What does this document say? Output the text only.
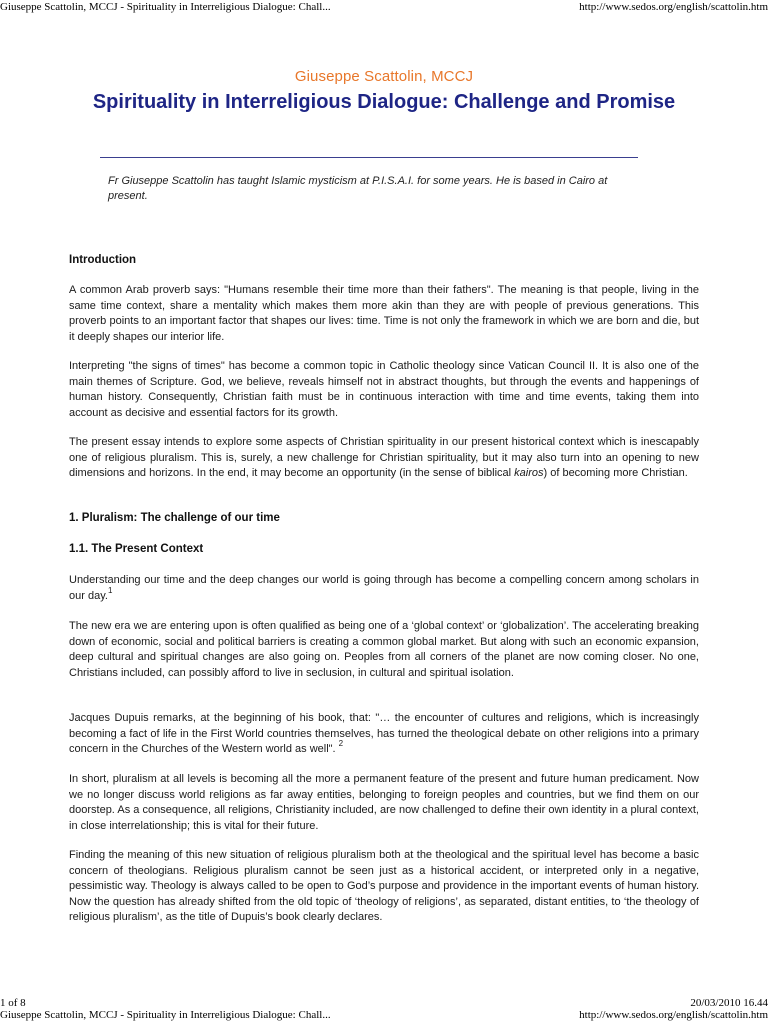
Giuseppe Scattolin, MCCJ - Spirituality in Interreligious Dialogue: Chall...	http://www.sedos.org/english/scattolin.htm
Giuseppe Scattolin, MCCJ
Spirituality in Interreligious Dialogue: Challenge and Promise

Fr Giuseppe Scattolin has taught Islamic mysticism at P.I.S.A.I. for some years. He is based in Cairo at present.

Introduction

A common Arab proverb says: "Humans resemble their time more than their fathers". The meaning is that people, living in the same time context, share a mentality which makes them more akin than they are with people of previous generations. This proverb points to an important factor that shapes our lives: time. Time is not only the framework in which we are born and die, but it deeply shapes our interior life.

Interpreting "the signs of times" has become a common topic in Catholic theology since Vatican Council II. It is also one of the main themes of Scripture. God, we believe, reveals himself not in abstract thoughts, but through the events and happenings of human history. Consequently, Christian faith must be in continuous interaction with time and time events, taking them into account as decisive and essential factors for its growth.

The present essay intends to explore some aspects of Christian spirituality in our present historical context which is inescapably one of religious pluralism. This is, surely, a new challenge for Christian spirituality, but it may also turn into an opening to new dimensions and horizons. In the end, it may become an opportunity (in the sense of biblical kairos) of becoming more Christian.

1. Pluralism: The challenge of our time
1.1. The Present Context

Understanding our time and the deep changes our world is going through has become a compelling concern among scholars in our day.$^1$

The new era we are entering upon is often qualified as being one of a ‘global context’ or ‘globalization’. The accelerating breaking down of economic, social and political barriers is creating a common global market. But along with such an economic expansion, deep cultural and spiritual changes are also going on. Peoples from all corners of the planet are now coming closer. No one, Christians included, can possibly afford to live in seclusion, in cultural and spiritual isolation.

Jacques Dupuis remarks, at the beginning of his book, that: "… the encounter of cultures and religions, which is increasingly becoming a fact of life in the First World countries themselves, has turned the theological debate on other religions into a primary concern in the Churches of the Western world as well". $^2$

In short, pluralism at all levels is becoming all the more a permanent feature of the present and future human predicament. Now we no longer discuss world religions as far away entities, belonging to foreign peoples and countries, but we find them on our doorstep. As a consequence, all religions, Christianity included, are now challenged to define their own identity in a plural context, in close interrelationship; this is vital for their future.

Finding the meaning of this new situation of religious pluralism both at the theological and the spiritual level has become a basic concern of theologians. Religious pluralism cannot be seen just as a historical accident, or interpreted only in a negative, pessimistic way. Theology is always called to be open to God’s purpose and providence in the important events of human history. Now the question has already shifted from the old topic of ‘theology of religions’, as separated, distant entities, to ‘the theology of religious pluralism’, as the title of Dupuis’s book clearly declares.

1 of 8	20/03/2010 16.44
Giuseppe Scattolin, MCCJ - Spirituality in Interreligious Dialogue: Chall...	http://www.sedos.org/english/scattolin.htm
